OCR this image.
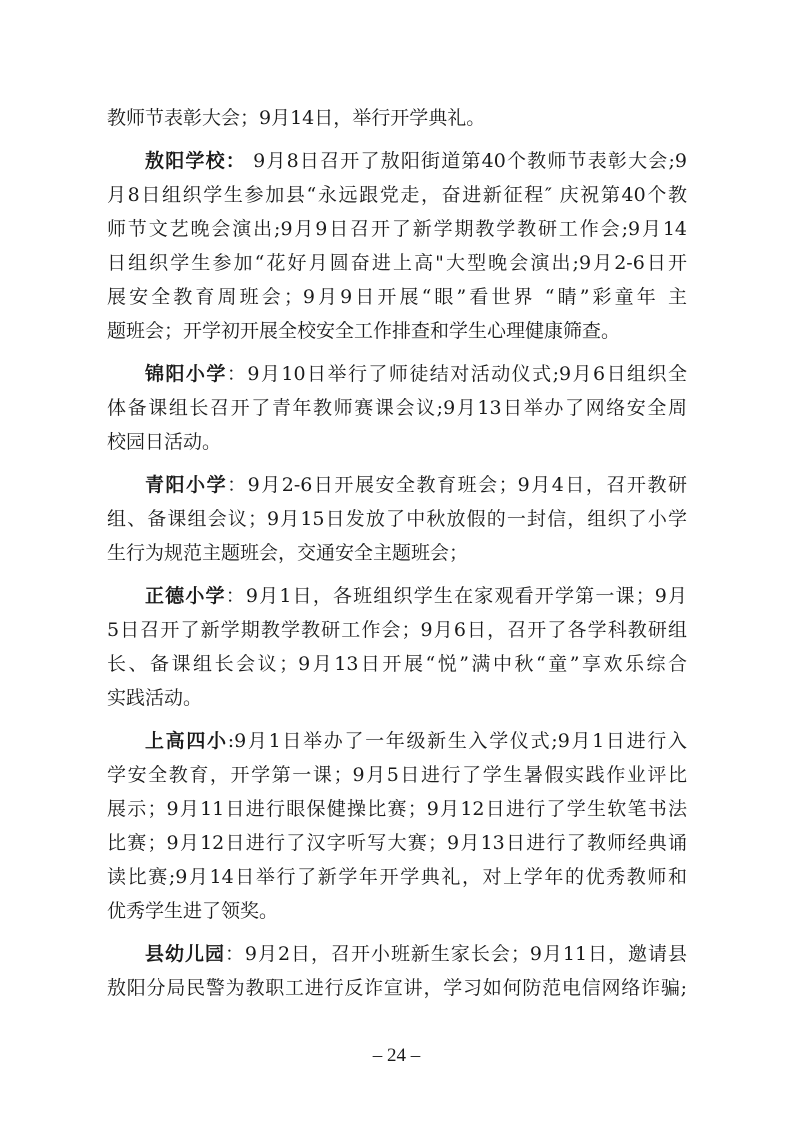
教师节表彰大会；9月14日，举行开学典礼。
敖阳学校： 9月8日召开了敖阳街道第40个教师节表彰大会;9
月8日组织学生参加县“永远跟党走，奋进新征程″ 庆祝第40个教
师节文艺晚会演出;9月9日召开了新学期教学教研工作会;9月14
日组织学生参加“花好月圆奋进上高"大型晚会演出;9月2-6日开
展安全教育周班会；9月9日开展“眼”看世界 “睛”彩童年 主
题班会；开学初开展全校安全工作排查和学生心理健康筛查。
锦阳小学：9月10日举行了师徒结对活动仪式;9月6日组织全
体备课组长召开了青年教师赛课会议;9月13日举办了网络安全周
校园日活动。
青阳小学：9月2-6日开展安全教育班会；9月4日，召开教研
组、备课组会议；9月15日发放了中秋放假的一封信，组织了小学
生行为规范主题班会，交通安全主题班会；
正德小学：9月1日，各班组织学生在家观看开学第一课；9月
5日召开了新学期教学教研工作会；9月6日，召开了各学科教研组
长、备课组长会议；9月13日开展“悦”满中秋“童”享欢乐综合
实践活动。
上高四小:9月1日举办了一年级新生入学仪式;9月1日进行入
学安全教育，开学第一课；9月5日进行了学生暑假实践作业评比
展示；9月11日进行眼保健操比赛；9月12日进行了学生软笔书法
比赛；9月12日进行了汉字听写大赛；9月13日进行了教师经典诵
读比赛;9月14日举行了新学年开学典礼，对上学年的优秀教师和
优秀学生进了领奖。
县幼儿园：9月2日，召开小班新生家长会；9月11日，邀请县
敖阳分局民警为教职工进行反诈宣讲，学习如何防范电信网络诈骗;
– 24 –
